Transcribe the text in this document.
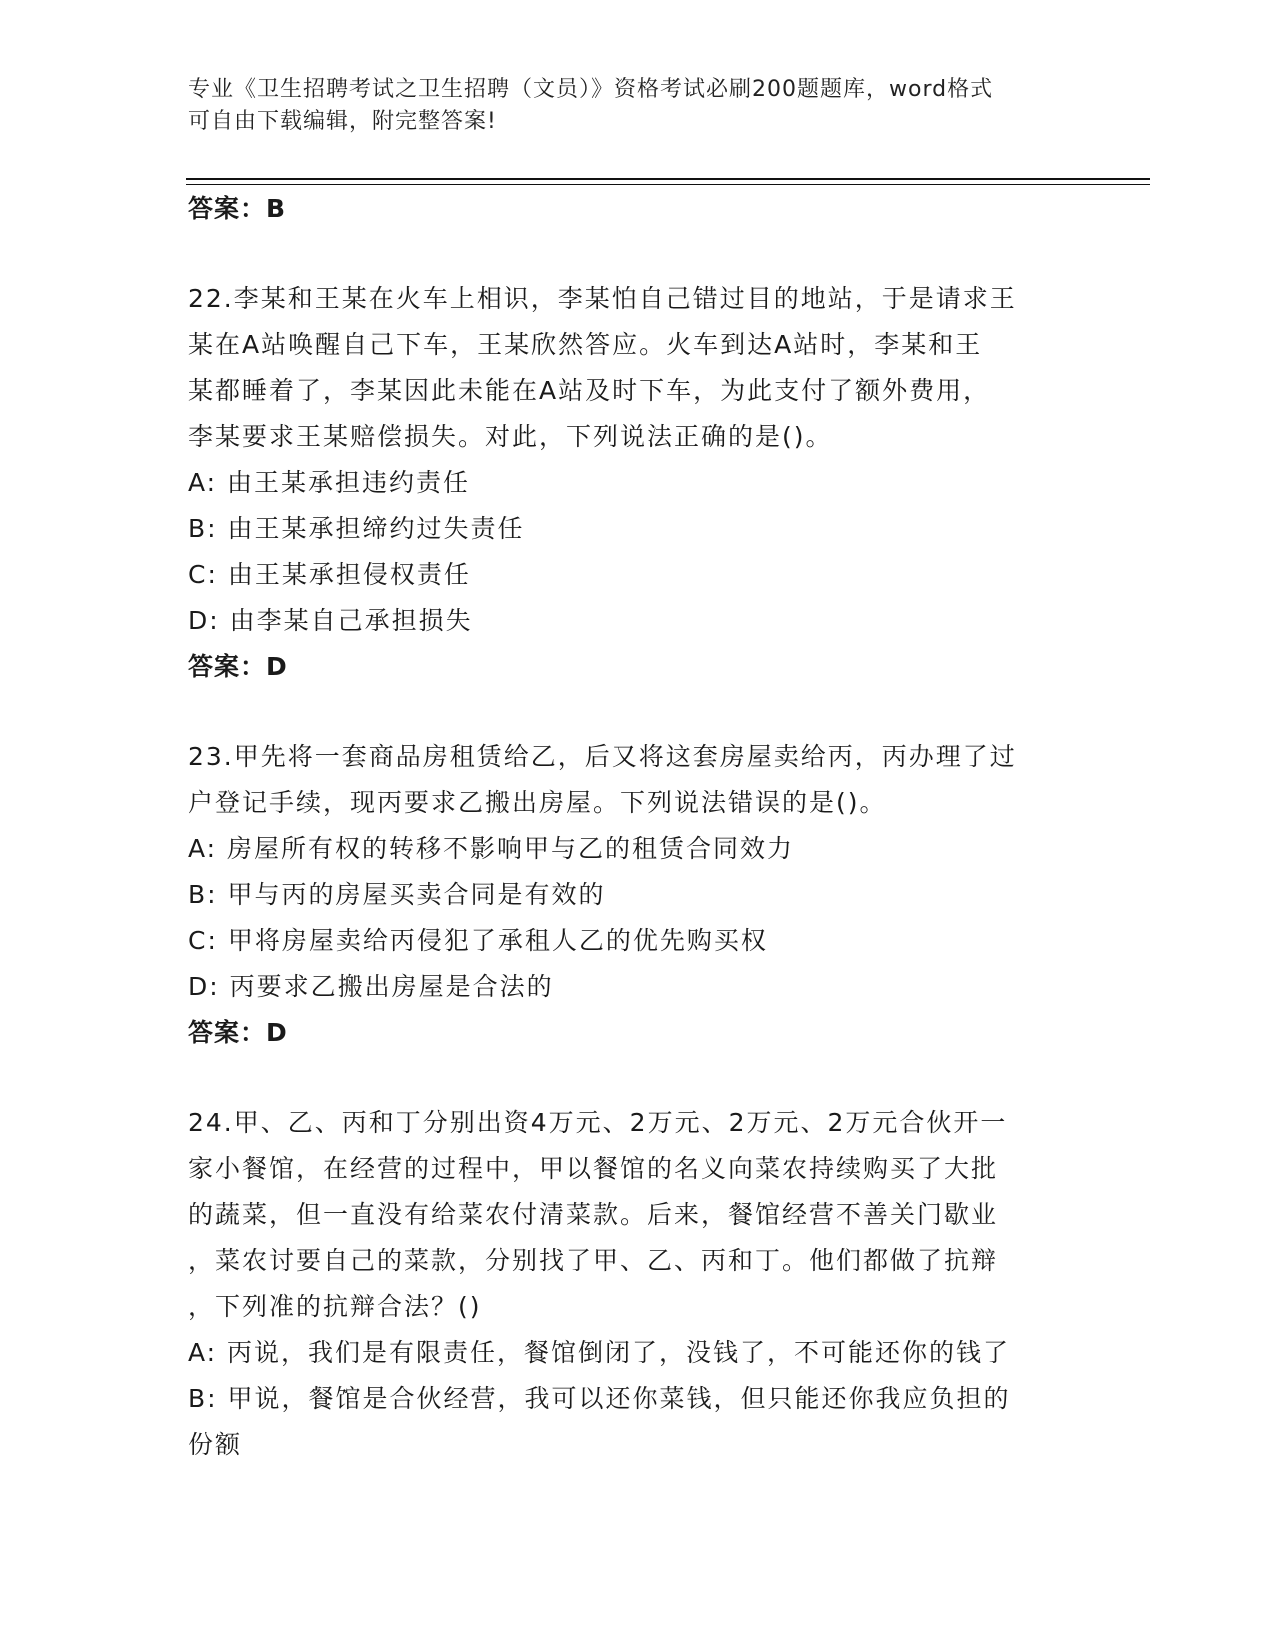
专业《卫生招聘考试之卫生招聘（文员）》资格考试必刷200题题库，word格式
可自由下载编辑，附完整答案!
答案：B
22.李某和王某在火车上相识，李某怕自己错过目的地站，于是请求王
某在A站唤醒自己下车，王某欣然答应。火车到达A站时，李某和王
某都睡着了，李某因此未能在A站及时下车，为此支付了额外费用，
李某要求王某赔偿损失。对此，下列说法正确的是()。
A: 由王某承担违约责任
B: 由王某承担缔约过失责任
C: 由王某承担侵权责任
D: 由李某自己承担损失
答案：D
23.甲先将一套商品房租赁给乙，后又将这套房屋卖给丙，丙办理了过
户登记手续，现丙要求乙搬出房屋。下列说法错误的是()。
A: 房屋所有权的转移不影响甲与乙的租赁合同效力
B: 甲与丙的房屋买卖合同是有效的
C: 甲将房屋卖给丙侵犯了承租人乙的优先购买权
D: 丙要求乙搬出房屋是合法的
答案：D
24.甲、乙、丙和丁分别出资4万元、2万元、2万元、2万元合伙开一
家小餐馆，在经营的过程中，甲以餐馆的名义向菜农持续购买了大批
的蔬菜，但一直没有给菜农付清菜款。后来，餐馆经营不善关门歇业
，菜农讨要自己的菜款，分别找了甲、乙、丙和丁。他们都做了抗辩
，下列准的抗辩合法？()
A: 丙说，我们是有限责任，餐馆倒闭了，没钱了，不可能还你的钱了
B: 甲说，餐馆是合伙经营，我可以还你菜钱，但只能还你我应负担的
份额
